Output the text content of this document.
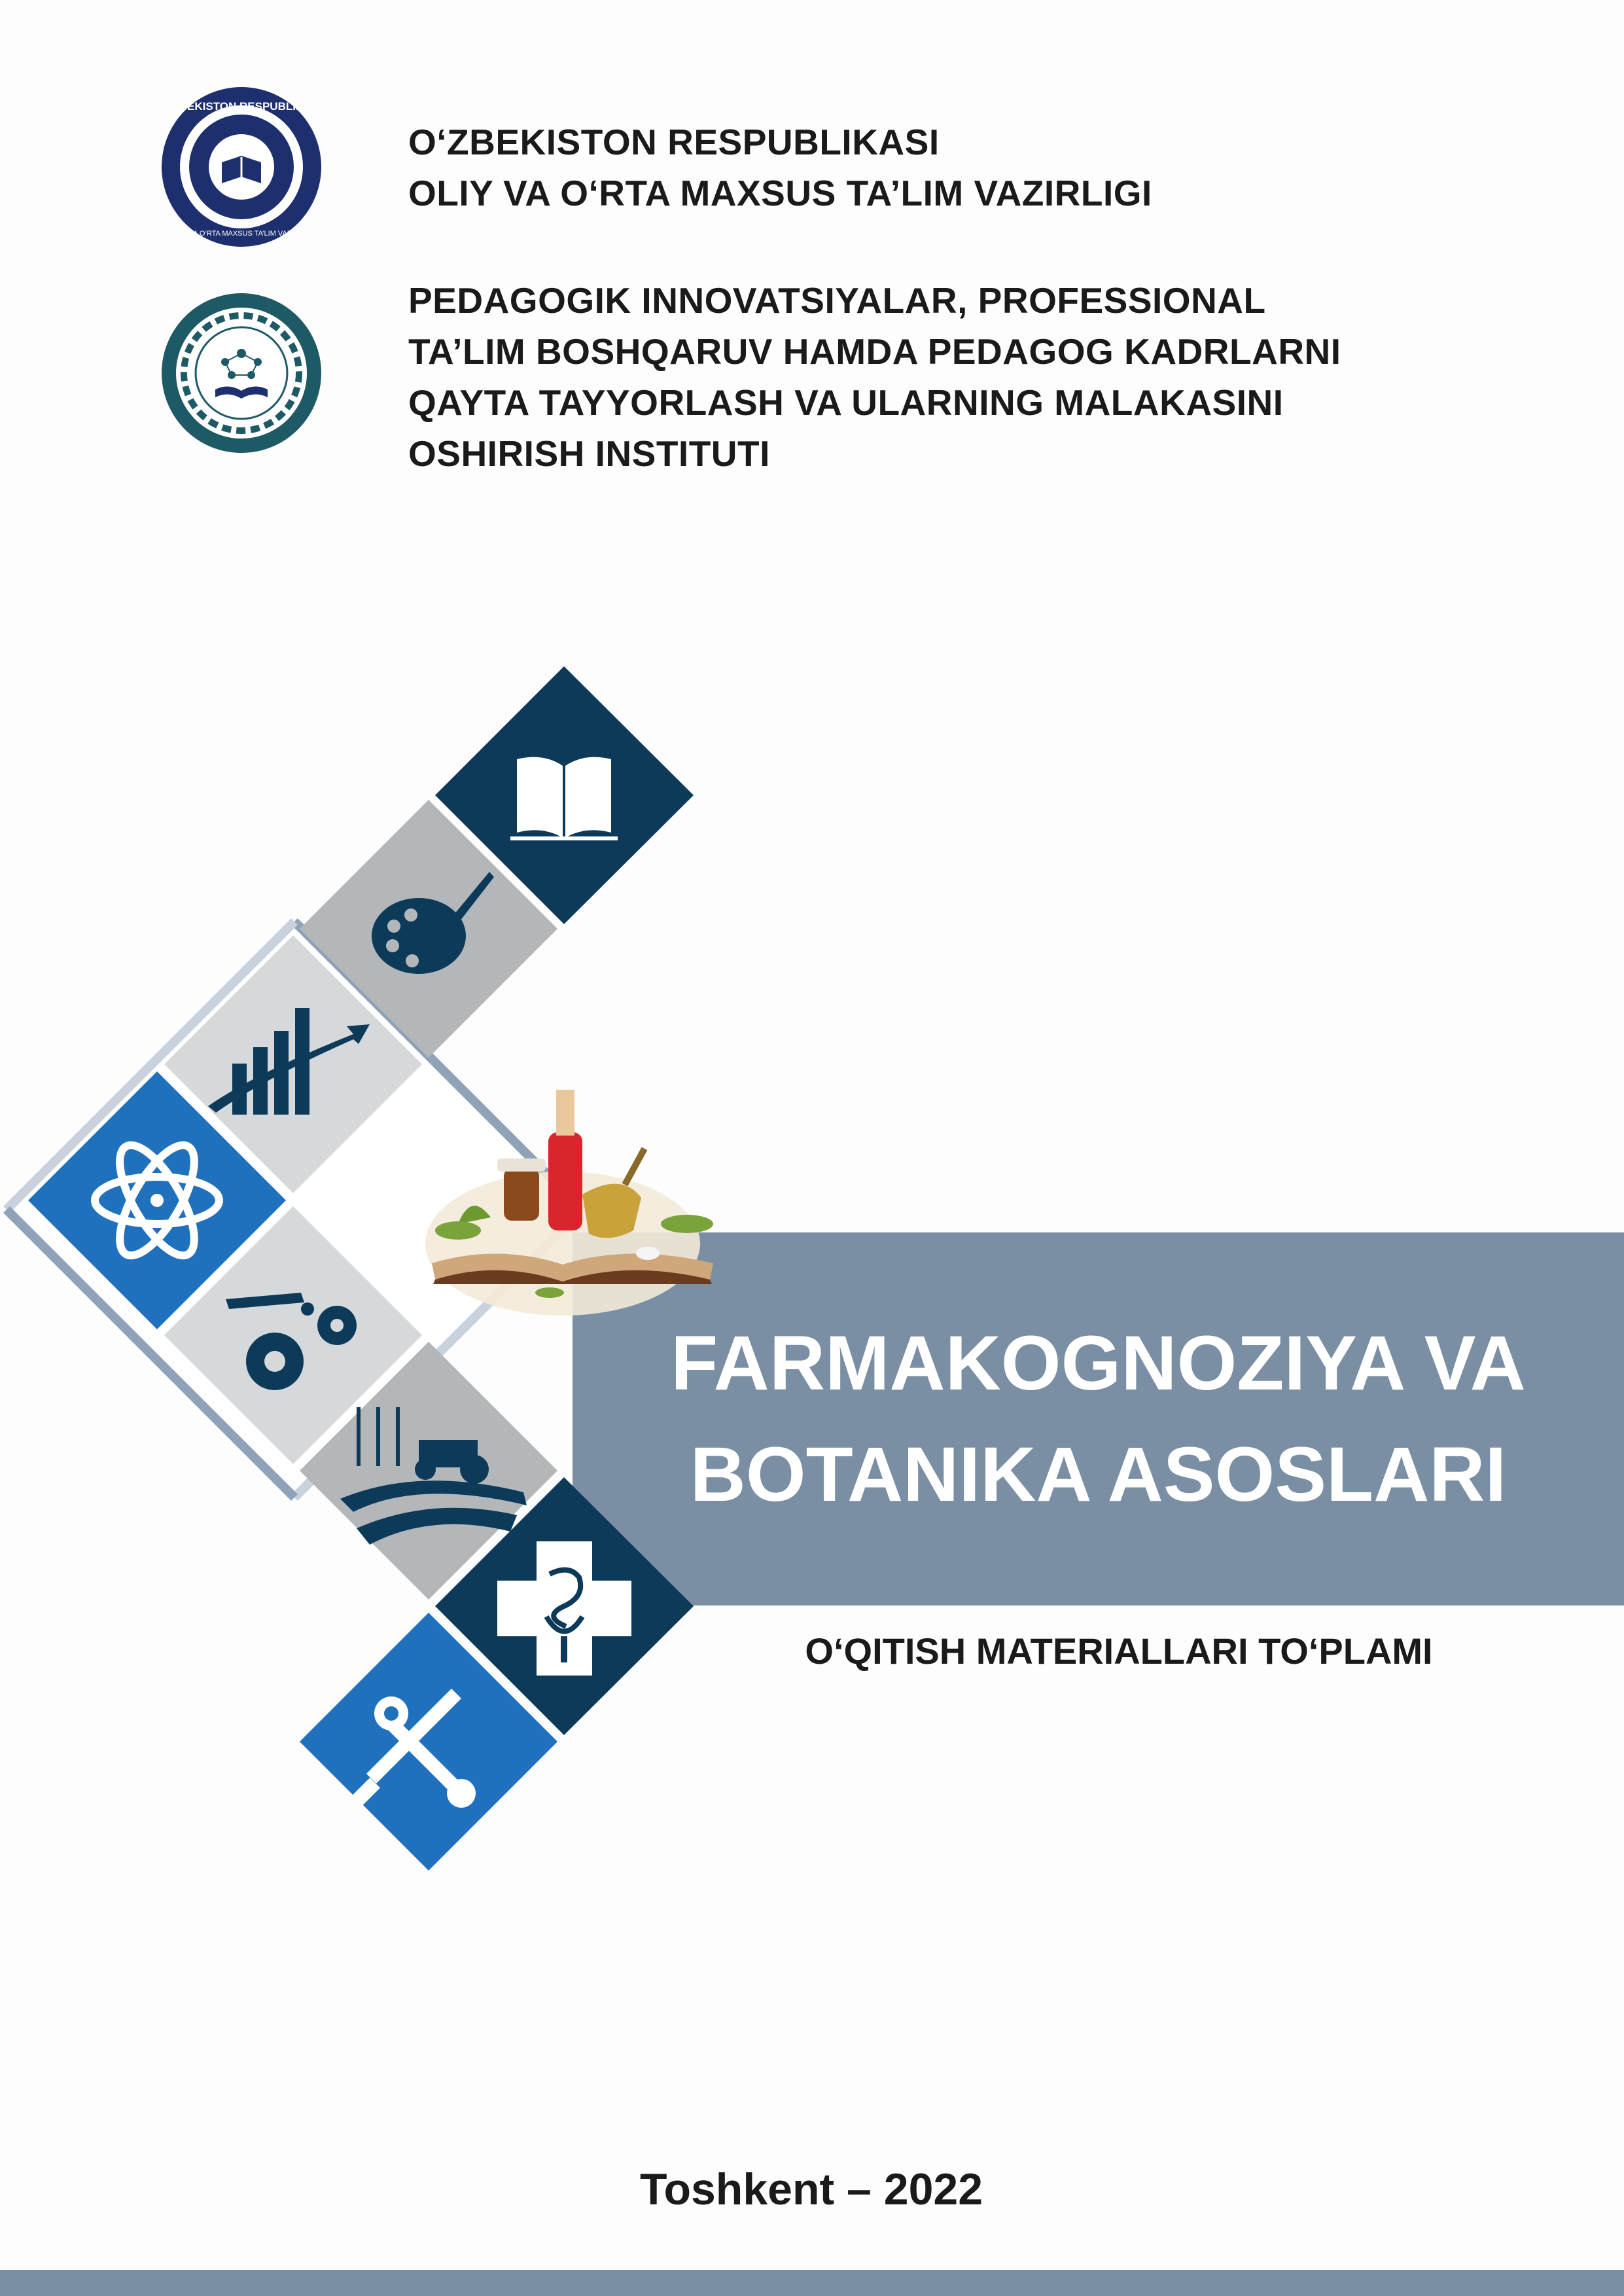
O‘ZBEKISTON RESPUBLIKASI
OLIY VA O‘RTA MAXSUS TA’LIM VAZIRLIGI
O‘ZBEKISTON RESPUBLIKASI
OLIY VA O‘RTA MAXSUS TA’LIM VAZIRLIGI
PEDAGOGIK INNOVATSIYALAR, PROFESSIONAL
TA’LIM BOSHQARUV HAMDA PEDAGOG KADRLARNI
QAYTA TAYYORLASH VA ULARNING MALAKASINI
OSHIRISH INSTITUTI
FARMAKOGNOZIYA VA
BOTANIKA ASOSLARI
O‘QITISH MATERIALLARI TO‘PLAMI
Toshkent – 2022
